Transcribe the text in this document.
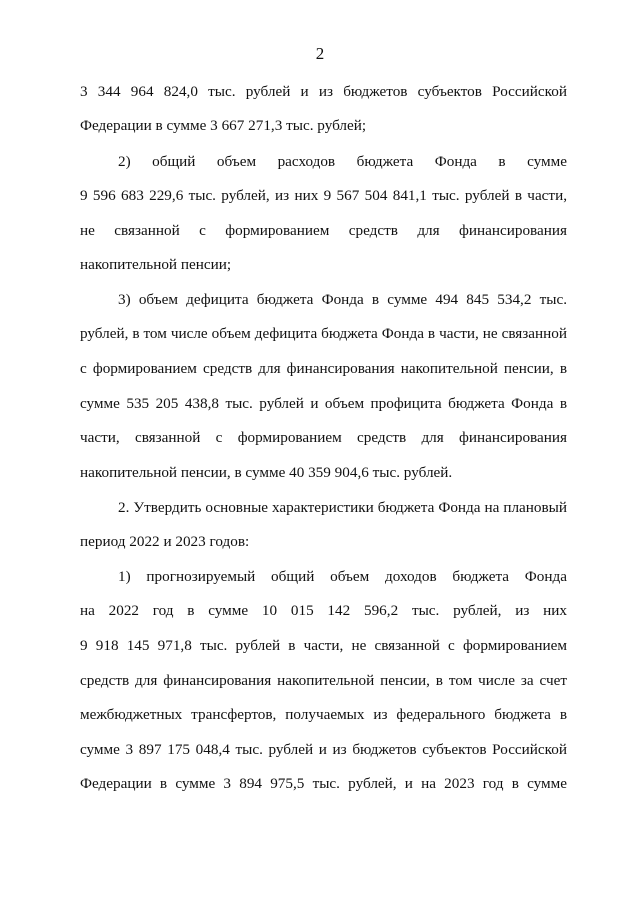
2
3 344 964 824,0 тыс. рублей и из бюджетов субъектов Российской
Федерации в сумме 3 667 271,3 тыс. рублей;
2) общий объем расходов бюджета Фонда в сумме
9 596 683 229,6 тыс. рублей, из них 9 567 504 841,1 тыс. рублей в части,
не связанной с формированием средств для финансирования
накопительной пенсии;
3) объем дефицита бюджета Фонда в сумме 494 845 534,2 тыс.
рублей, в том числе объем дефицита бюджета Фонда в части, не связанной
с формированием средств для финансирования накопительной пенсии, в
сумме 535 205 438,8 тыс. рублей и объем профицита бюджета Фонда в
части, связанной с формированием средств для финансирования
накопительной пенсии, в сумме 40 359 904,6 тыс. рублей.
2. Утвердить основные характеристики бюджета Фонда на плановый
период 2022 и 2023 годов:
1) прогнозируемый общий объем доходов бюджета Фонда
на 2022 год в сумме 10 015 142 596,2 тыс. рублей, из них
9 918 145 971,8 тыс. рублей в части, не связанной с формированием
средств для финансирования накопительной пенсии, в том числе за счет
межбюджетных трансфертов, получаемых из федерального бюджета в
сумме 3 897 175 048,4 тыс. рублей и из бюджетов субъектов Российской
Федерации в сумме 3 894 975,5 тыс. рублей, и на 2023 год в сумме
